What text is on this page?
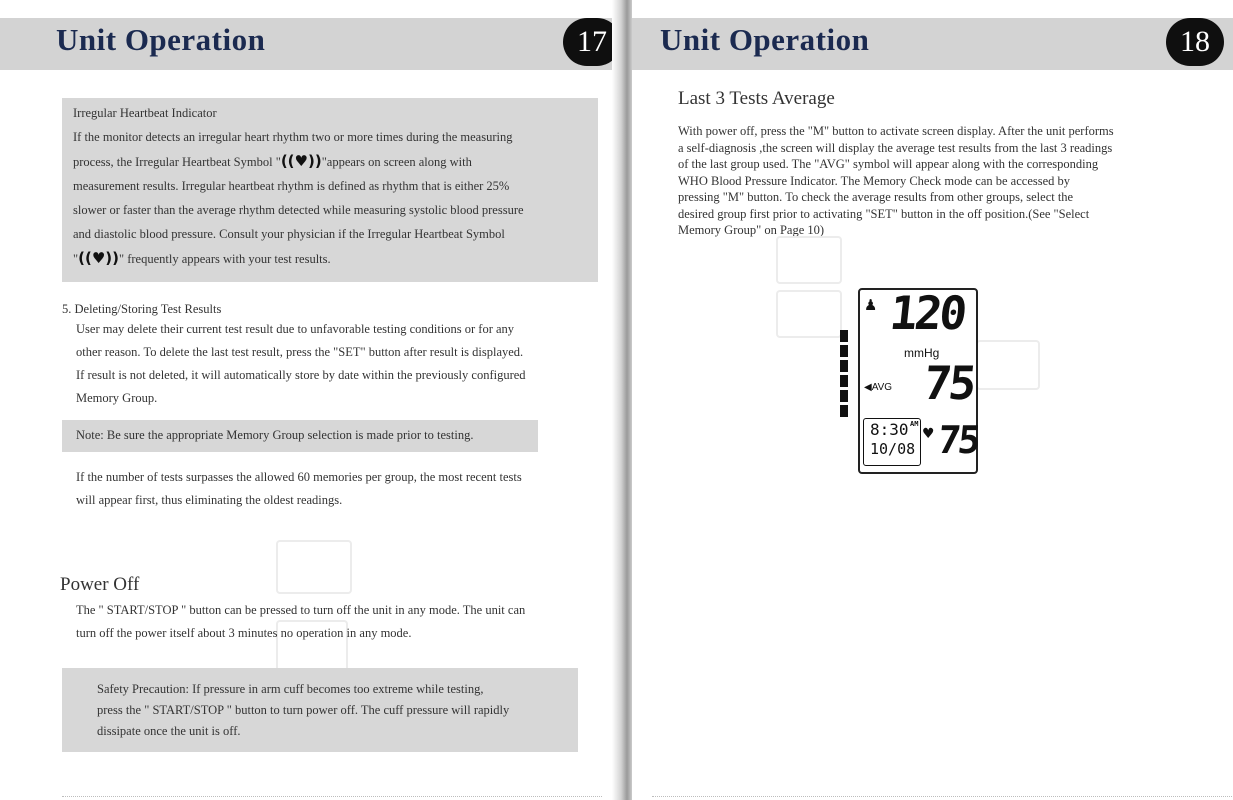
Unit Operation	17
Irregular Heartbeat Indicator
If the monitor detects an irregular heart rhythm two or more times during the measuring
process, the Irregular Heartbeat Symbol "((♥))"appears on screen along with
measurement results. Irregular heartbeat rhythm is defined as rhythm that is either 25%
slower or faster than the average rhythm detected while measuring systolic blood pressure
and diastolic blood pressure. Consult your physician if the Irregular Heartbeat Symbol
"((♥))" frequently appears with your test results.
5. Deleting/Storing Test Results
User may delete their current test result due to unfavorable testing conditions or for any
other reason. To delete the last test result, press the "SET" button after result is displayed.
If result is not deleted, it will automatically store by date within the previously configured
Memory Group.
Note: Be sure the appropriate Memory Group selection is made prior to testing.
If the number of tests surpasses the allowed 60 memories per group, the most recent tests
will appear first, thus eliminating the oldest readings.
Power Off
The " START/STOP " button can be pressed to turn off the unit in any mode. The unit can
turn off the power itself about 3 minutes no operation in any mode.
Safety Precaution: If pressure in arm cuff becomes too extreme while testing,
press the " START/STOP " button to turn power off. The cuff pressure will rapidly
dissipate once the unit is off.
Unit Operation	18
Last 3 Tests Average
With power off, press the "M" button to activate screen display. After the unit performs
a self-diagnosis ,the screen will display the average test results from the last 3 readings
of the last group used. The "AVG" symbol will appear along with the corresponding
WHO Blood Pressure Indicator. The Memory Check mode can be accessed by
pressing "M" button. To check the average results from other groups, select the
desired group first prior to activating "SET" button in the off position.(See "Select
Memory Group" on Page 10)
♟ 120
mmHg
◀AVG 75
8:30 AM
10/08
♥ 75
